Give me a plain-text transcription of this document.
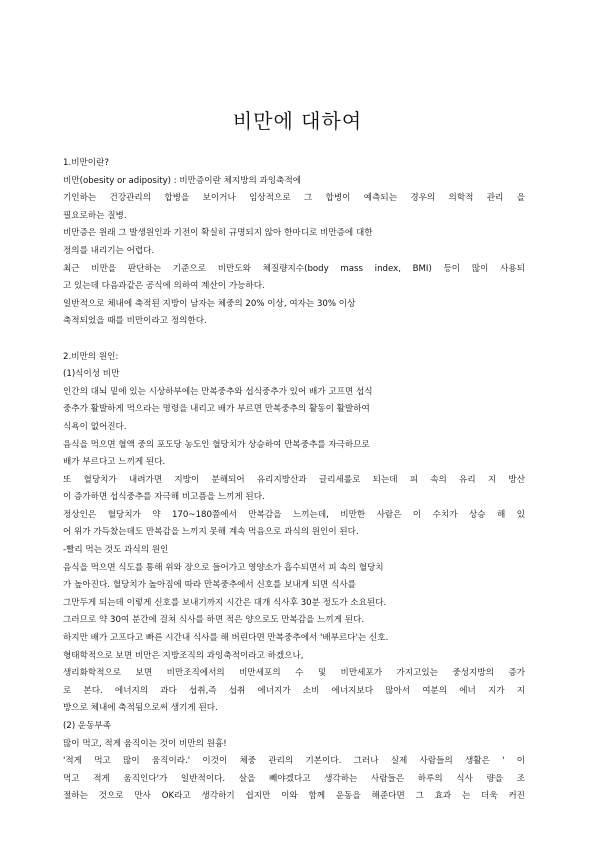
비만에 대하여
1.비만이란?
비만(obesity or adiposity) : 비만증이란 체지방의 과잉축적에
기인하는 건강관리의 합병을 보이거나 임상적으로 그 합병이 예측되는 경우의 의학적 관리 을
필요로하는 질병.
비만증은 원래 그 발생원인과 기전이 확실히 규명되지 않아 한마디로 비만증에 대한
정의를 내리기는 어렵다.
최근 비만을 판단하는 기준으로 비만도와 체질량지수(body mass index, BMI) 등이 많이 사용되
고 있는데 다음과같은 공식에 의하여 계산이 가능하다.
일반적으로 체내에 축적된 지방이 남자는 체중의 20% 이상, 여자는 30% 이상
축적되었을 때를 비만이라고 정의한다.
2.비만의 원인:
(1)식이성 비만
인간의 대뇌 밑에 있는 시상하부에는 만복중추와 섭식중추가 있어 배가 고프면 섭식
중추가 활발하게 먹으라는 명령을 내리고 배가 부르면 만복중추의 활동이 활발하여
식욕이 없어진다.
음식을 먹으면 혈액 중의 포도당 농도인 혈당치가 상승하여 만복중추를 자극하므로
배가 부르다고 느끼게 된다.
또 혈당치가 내려가면 지방이 분해되어 유리지방산과 글리세롤로 되는데 피 속의 유리 지 방산
이 증가하면 섭식중추를 자극해 비고픔을 느끼게 된다.
정상인은 혈당치가 약 170~180쯤에서 만복감을 느끼는데, 비만한 사람은 이 수치가 상승 해 있
어 위가 가득찼는데도 만복감을 느끼지 못해 계속 먹음으로 과식의 원인이 된다.
-빨리 먹는 것도 과식의 원인
음식을 먹으면 식도를 통해 위와 장으로 들어가고 영양소가 흡수되면서 피 속의 혈당치
가 높아진다. 혈당치가 높아짐에 따라 만복중추에서 신호를 보내게 되면 식사를
그만두게 되는데 이렇게 신호를 보내기까지 시간은 대개 식사후 30분 정도가 소요된다.
그러므로 약 30여 분간에 걸쳐 식사를 하면 적은 양으로도 만복감을 느끼게 된다.
하지만 배가 고프다고 빠른 시간내 식사를 해 버린다면 만복중추에서 '배부르다'는 신호.
형태학적으로 보면 비만은 지방조직의 과잉축적이라고 하겠으나,
생리화학적으로 보면 비만조직에서의 비만세포의 수 및 비만세포가 가지고있는 중성지방의 증가
로 본다. 에너지의 과다 섭취,즉 섭취 에너지가 소비 에너지보다 많아서 여분의 에너 지가 지
방으로 체내에 축적됨으로써 생기게 된다.
(2) 운동부족
많이 먹고, 적게 움직이는 것이 비만의 원흉!
'적게 먹고 많이 움직이라.' 이것이 체중 관리의 기본이다. 그러나 실제 사람들의 생활은 ' 이
먹고 적게 움직인다'가 일반적이다. 살을 빼야겠다고 생각하는 사람들은 하루의 식사 량을 조
절하는 것으로 만사 OK라고 생각하기 쉽지만 이와 함께 운동을 해준다면 그 효과 는 더욱 커진
